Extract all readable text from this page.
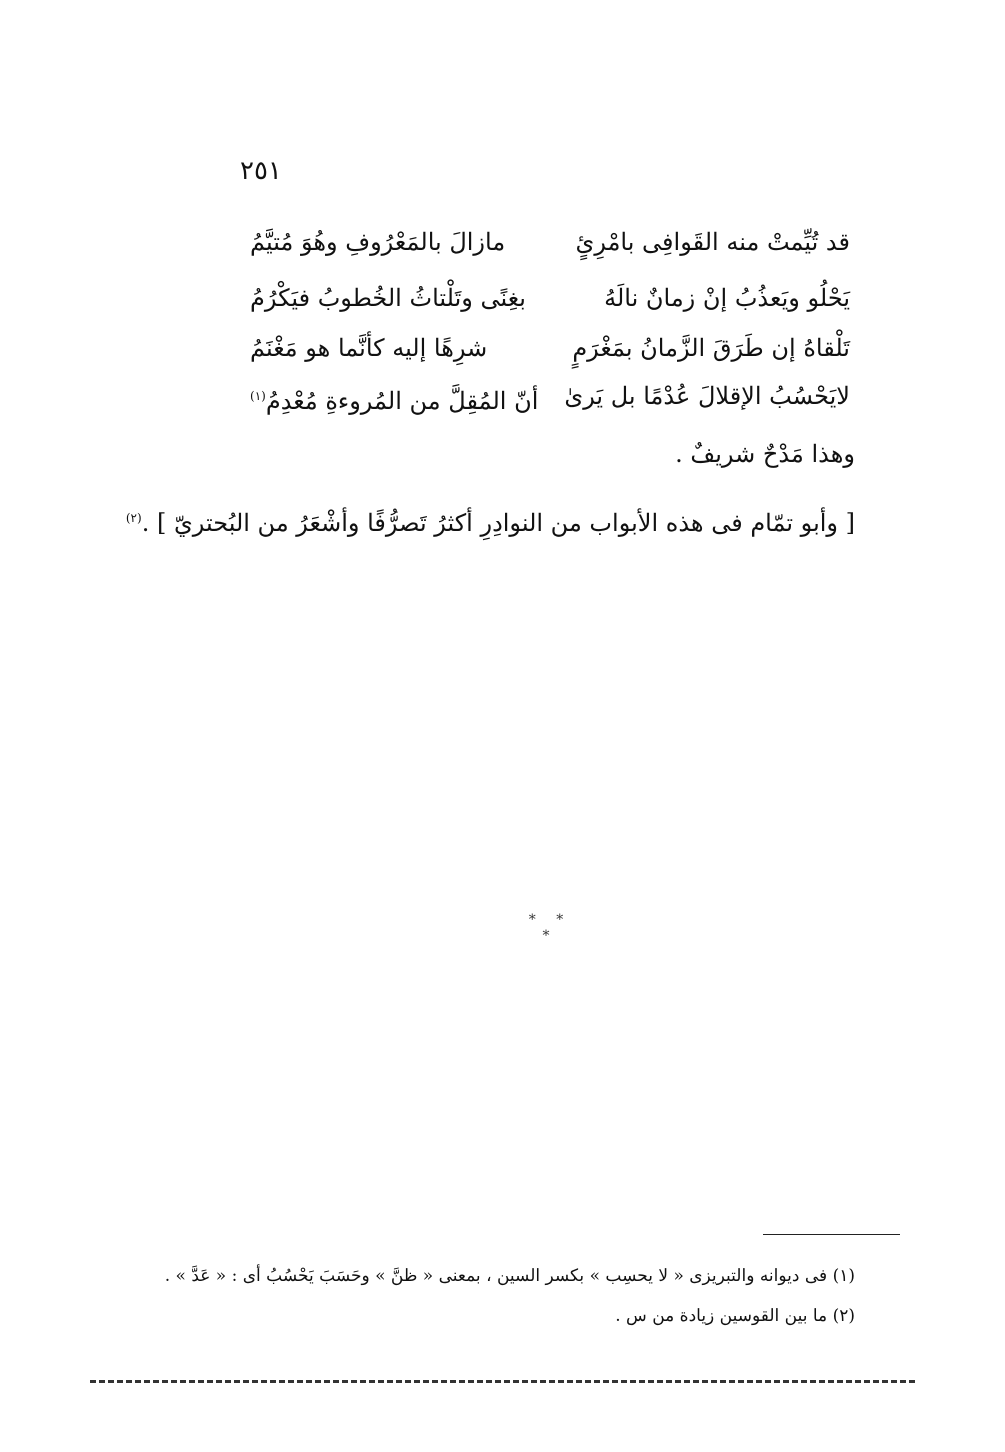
٢٥١
قد تُيِّمتْ منه القَوافِى بامْرِئٍ
مازالَ بالمَعْرُوفِ وهُوَ مُتيَّمُ
يَحْلُو ويَعذُبُ إنْ زمانٌ نالَهُ
بغِنًى وتَلْتاثُ الخُطوبُ فيَكْرُمُ
تَلْقاهُ إن طَرَقَ الزَّمانُ بمَغْرَمٍ
شرِهًا إليه كأنَّما هو مَغْنَمُ
لايَحْسُبُ الإقلالَ عُدْمًا بل يَرىٰ
أنّ المُقِلَّ من المُروءةِ مُعْدِمُ$^{(١)}$
وهذا مَدْحٌ شريفٌ .
[ وأبو تمّام فى هذه الأبواب من النوادِرِ أكثرُ تَصرُّفًا وأشْعَرُ من البُحتريّ ] .$^{(٢)}$
* * *
(١) فى ديوانه والتبريزى « لا يحسِب » بكسر السين ، بمعنى « ظنَّ » وحَسَبَ يَحْسُبُ أى : « عَدَّ » .
(٢) ما بين القوسين زيادة من س .
